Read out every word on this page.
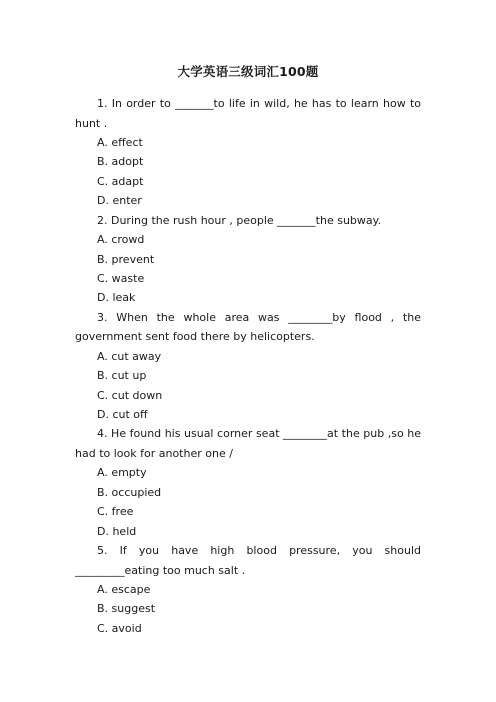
大学英语三级词汇100题

1. In order to _______to life in wild, he has to learn how to hunt .

A. effect

B. adopt

C. adapt

D. enter

2. During the rush hour , people _______the subway.

A. crowd

B. prevent

C. waste

D. leak

3. When the whole area was ________by flood , the government sent food there by helicopters.

A. cut away

B. cut up

C. cut down

D. cut off

4. He found his usual corner seat ________at the pub ,so he had to look for another one /

A. empty

B. occupied

C. free

D. held

5. If you have high blood pressure, you should _________eating too much salt .

A. escape

B. suggest

C. avoid
